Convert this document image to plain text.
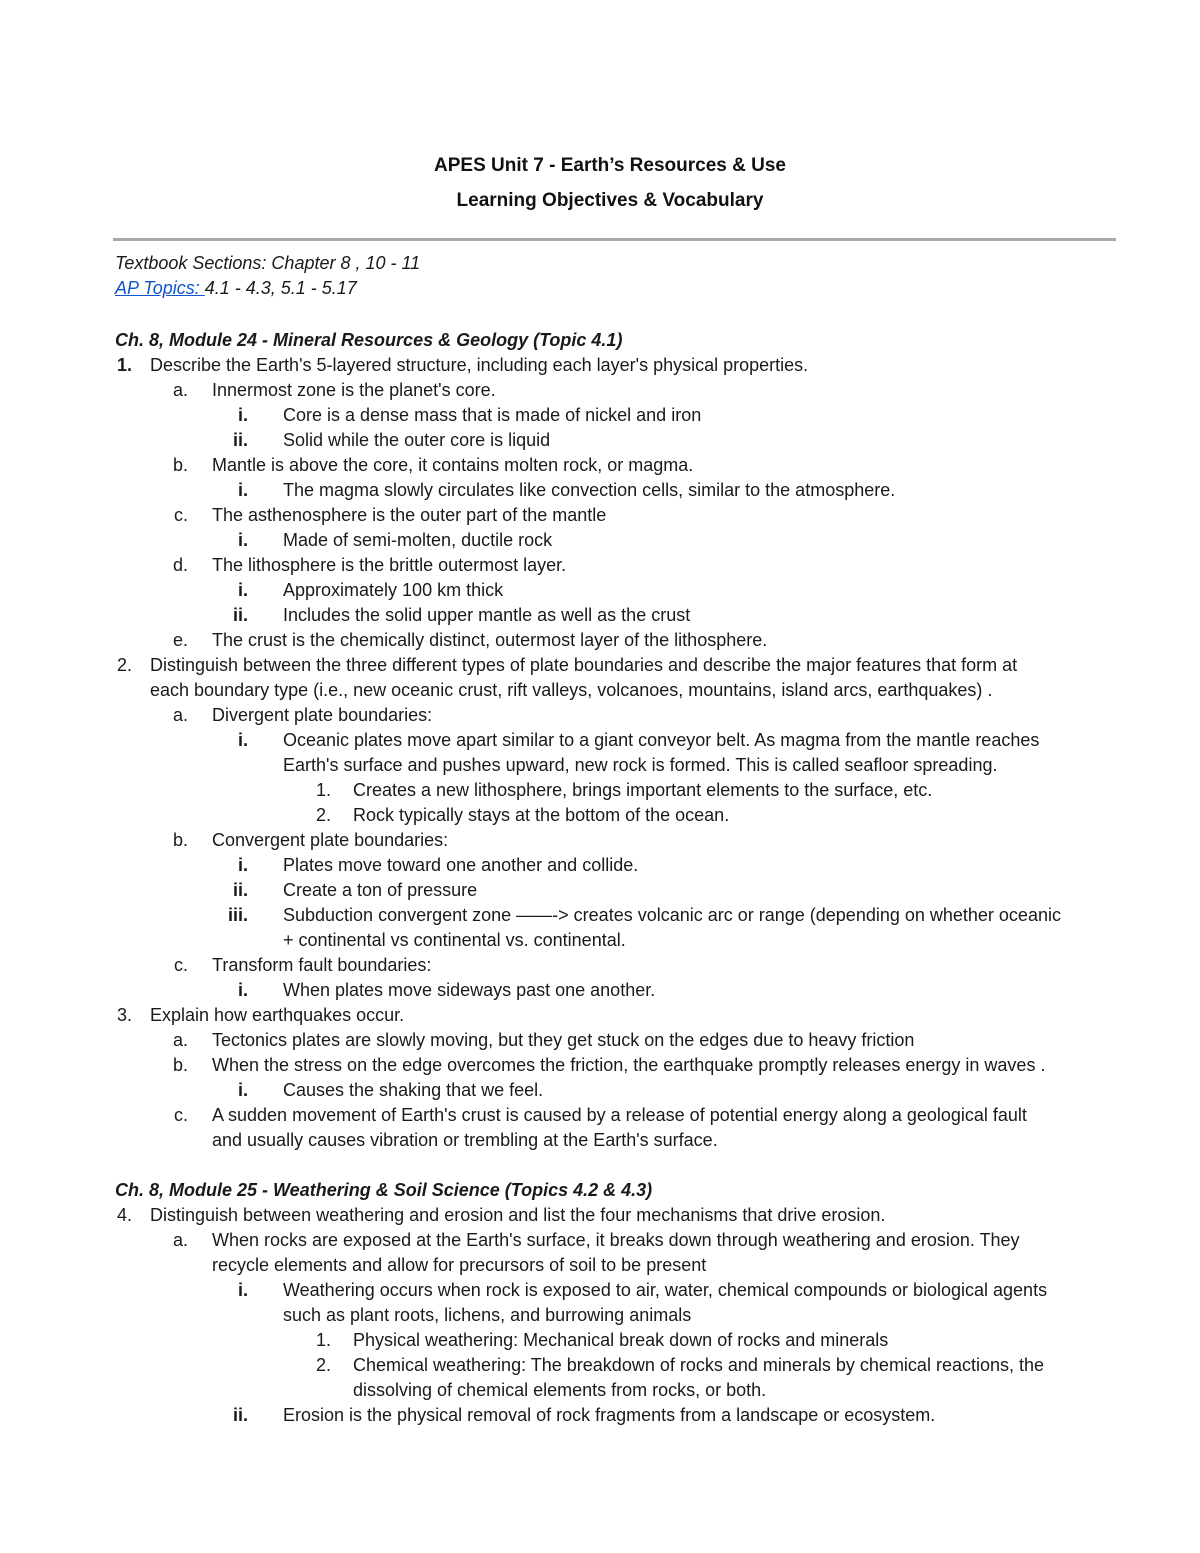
APES Unit 7 - Earth’s Resources & Use
Learning Objectives & Vocabulary
Textbook Sections: Chapter 8 , 10 - 11
AP Topics: 4.1 - 4.3, 5.1 - 5.17
Ch. 8, Module 24 - Mineral Resources & Geology (Topic 4.1)
1. Describe the Earth's 5-layered structure, including each layer's physical properties.
a. Innermost zone is the planet's core.
i. Core is a dense mass that is made of nickel and iron
ii. Solid while the outer core is liquid
b. Mantle is above the core, it contains molten rock, or magma.
i. The magma slowly circulates like convection cells, similar to the atmosphere.
c. The asthenosphere is the outer part of the mantle
i. Made of semi-molten, ductile rock
d. The lithosphere is the brittle outermost layer.
i. Approximately 100 km thick
ii. Includes the solid upper mantle as well as the crust
e. The crust is the chemically distinct, outermost layer of the lithosphere.
2. Distinguish between the three different types of plate boundaries and describe the major features that form at
each boundary type (i.e., new oceanic crust, rift valleys, volcanoes, mountains, island arcs, earthquakes) .
a. Divergent plate boundaries:
i. Oceanic plates move apart similar to a giant conveyor belt. As magma from the mantle reaches
Earth's surface and pushes upward, new rock is formed. This is called seafloor spreading.
1. Creates a new lithosphere, brings important elements to the surface, etc.
2. Rock typically stays at the bottom of the ocean.
b. Convergent plate boundaries:
i. Plates move toward one another and collide.
ii. Create a ton of pressure
iii. Subduction convergent zone ——-> creates volcanic arc or range (depending on whether oceanic
+ continental vs continental vs. continental.
c. Transform fault boundaries:
i. When plates move sideways past one another.
3. Explain how earthquakes occur.
a. Tectonics plates are slowly moving, but they get stuck on the edges due to heavy friction
b. When the stress on the edge overcomes the friction, the earthquake promptly releases energy in waves .
i. Causes the shaking that we feel.
c. A sudden movement of Earth's crust is caused by a release of potential energy along a geological fault
and usually causes vibration or trembling at the Earth's surface.
Ch. 8, Module 25 - Weathering & Soil Science (Topics 4.2 & 4.3)
4. Distinguish between weathering and erosion and list the four mechanisms that drive erosion.
a. When rocks are exposed at the Earth's surface, it breaks down through weathering and erosion. They
recycle elements and allow for precursors of soil to be present
i. Weathering occurs when rock is exposed to air, water, chemical compounds or biological agents
such as plant roots, lichens, and burrowing animals
1. Physical weathering: Mechanical break down of rocks and minerals
2. Chemical weathering: The breakdown of rocks and minerals by chemical reactions, the
dissolving of chemical elements from rocks, or both.
ii. Erosion is the physical removal of rock fragments from a landscape or ecosystem.
